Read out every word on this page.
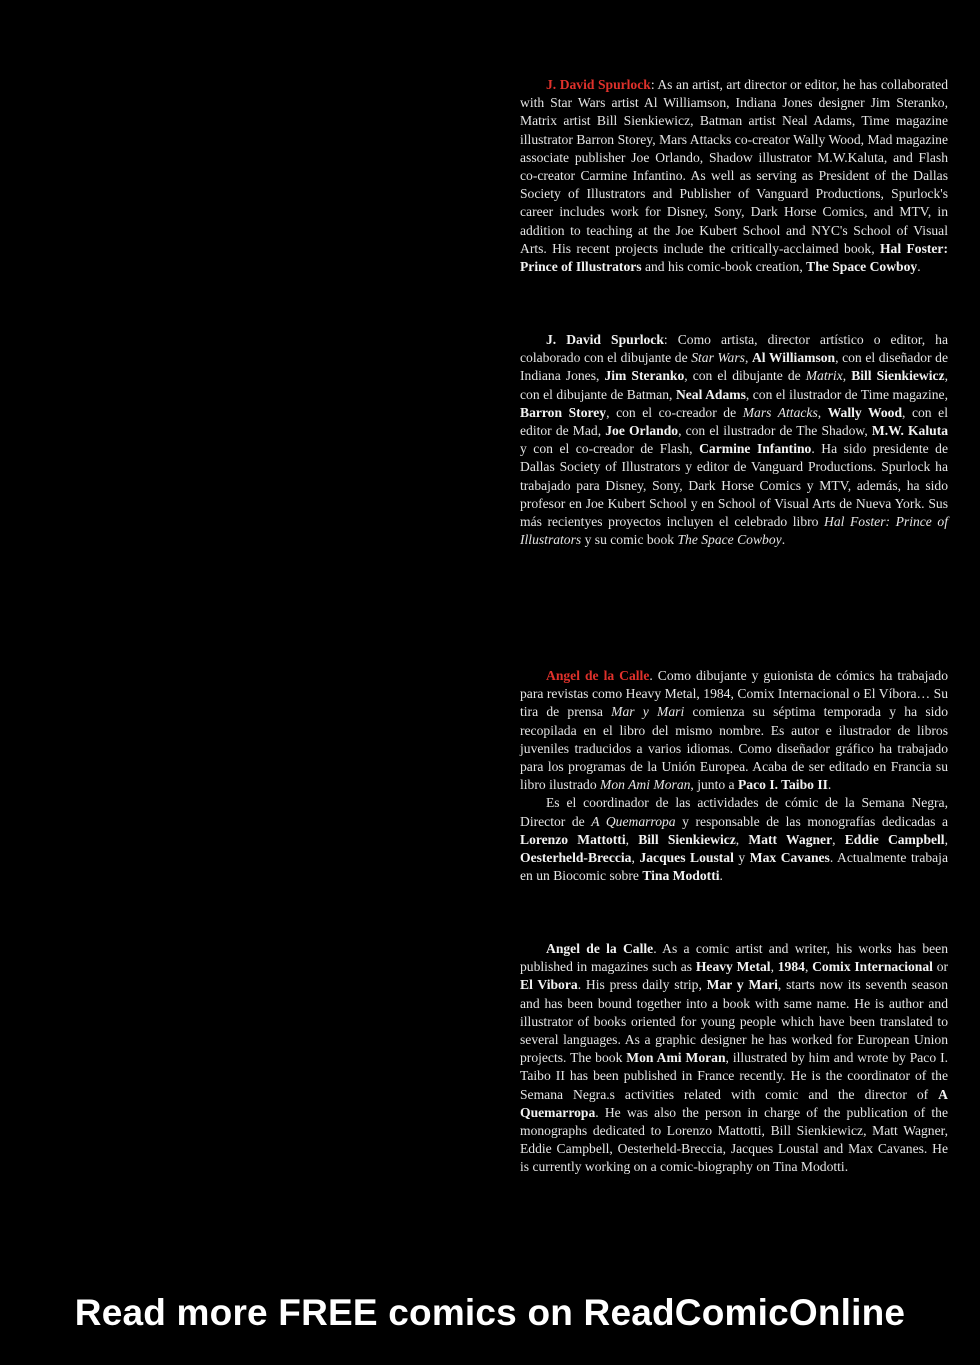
J. David Spurlock: As an artist, art director or editor, he has collaborated with Star Wars artist Al Williamson, Indiana Jones designer Jim Steranko, Matrix artist Bill Sienkiewicz, Batman artist Neal Adams, Time magazine illustrator Barron Storey, Mars Attacks co-creator Wally Wood, Mad magazine associate publisher Joe Orlando, Shadow illustrator M.W.Kaluta, and Flash co-creator Carmine Infantino. As well as serving as President of the Dallas Society of Illustrators and Publisher of Vanguard Productions, Spurlock's career includes work for Disney, Sony, Dark Horse Comics, and MTV, in addition to teaching at the Joe Kubert School and NYC's School of Visual Arts. His recent projects include the critically-acclaimed book, Hal Foster: Prince of Illustrators and his comic-book creation, The Space Cowboy.

J. David Spurlock: Como artista, director artístico o editor, ha colaborado con el dibujante de Star Wars, Al Williamson, con el diseñador de Indiana Jones, Jim Steranko, con el dibujante de Matrix, Bill Sienkiewicz, con el dibujante de Batman, Neal Adams, con el ilustrador de Time magazine, Barron Storey, con el co-creador de Mars Attacks, Wally Wood, con el editor de Mad, Joe Orlando, con el ilustrador de The Shadow, M.W. Kaluta y con el co-creador de Flash, Carmine Infantino. Ha sido presidente de Dallas Society of Illustrators y editor de Vanguard Productions. Spurlock ha trabajado para Disney, Sony, Dark Horse Comics y MTV, además, ha sido profesor en Joe Kubert School y en School of Visual Arts de Nueva York. Sus más recientyes proyectos incluyen el celebrado libro Hal Foster: Prince of Illustrators y su comic book The Space Cowboy.

Angel de la Calle. Como dibujante y guionista de cómics ha trabajado para revistas como Heavy Metal, 1984, Comix Internacional o El Víbora… Su tira de prensa Mar y Mari comienza su séptima temporada y ha sido recopilada en el libro del mismo nombre. Es autor e ilustrador de libros juveniles traducidos a varios idiomas. Como diseñador gráfico ha trabajado para los programas de la Unión Europea. Acaba de ser editado en Francia su libro ilustrado Mon Ami Moran, junto a Paco I. Taibo II.

Es el coordinador de las actividades de cómic de la Semana Negra, Director de A Quemarropa y responsable de las monografías dedicadas a Lorenzo Mattotti, Bill Sienkiewicz, Matt Wagner, Eddie Campbell, Oesterheld-Breccia, Jacques Loustal y Max Cavanes. Actualmente trabaja en un Biocomic sobre Tina Modotti.

Angel de la Calle. As a comic artist and writer, his works has been published in magazines such as Heavy Metal, 1984, Comix Internacional or El Vibora. His press daily strip, Mar y Mari, starts now its seventh season and has been bound together into a book with same name. He is author and illustrator of books oriented for young people which have been translated to several languages. As a graphic designer he has worked for European Union projects. The book Mon Ami Moran, illustrated by him and wrote by Paco I. Taibo II has been published in France recently. He is the coordinator of the Semana Negra.s activities related with comic and the director of A Quemarropa. He was also the person in charge of the publication of the monographs dedicated to Lorenzo Mattotti, Bill Sienkiewicz, Matt Wagner, Eddie Campbell, Oesterheld-Breccia, Jacques Loustal and Max Cavanes. He is currently working on a comic-biography on Tina Modotti.

Read more FREE comics on ReadComicOnline
